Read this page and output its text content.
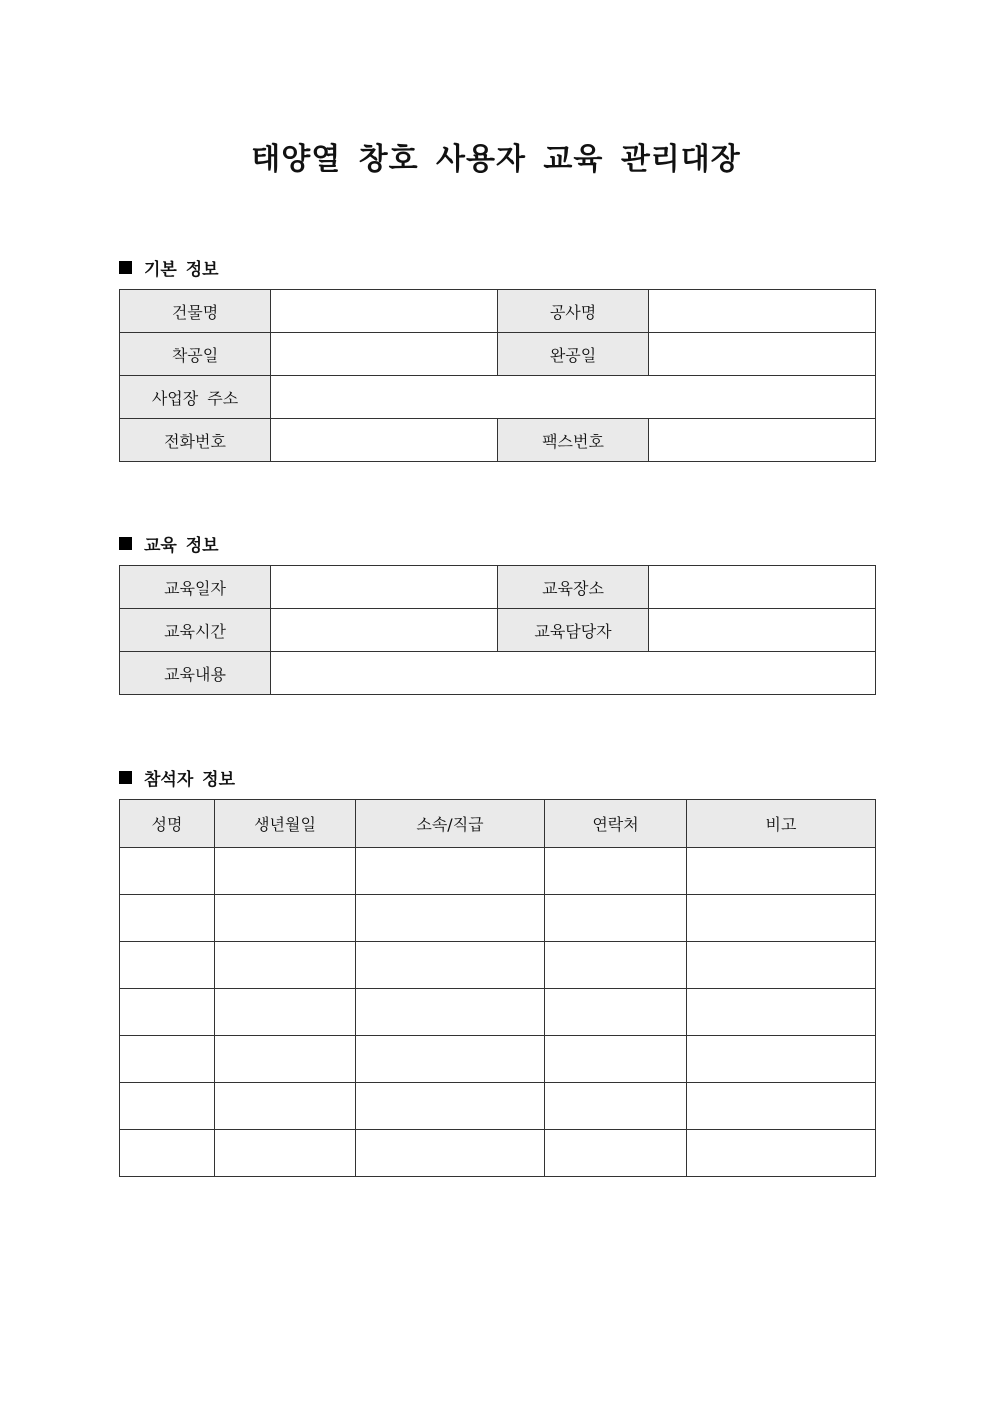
태양열 창호 사용자 교육 관리대장
기본 정보
건물명		공사명	
착공일		완공일	
사업장 주소			
전화번호		팩스번호	
교육 정보
교육일자		교육장소	
교육시간		교육담당자	
교육내용			
참석자 정보
성명	생년월일	소속/직급	연락처	비고
